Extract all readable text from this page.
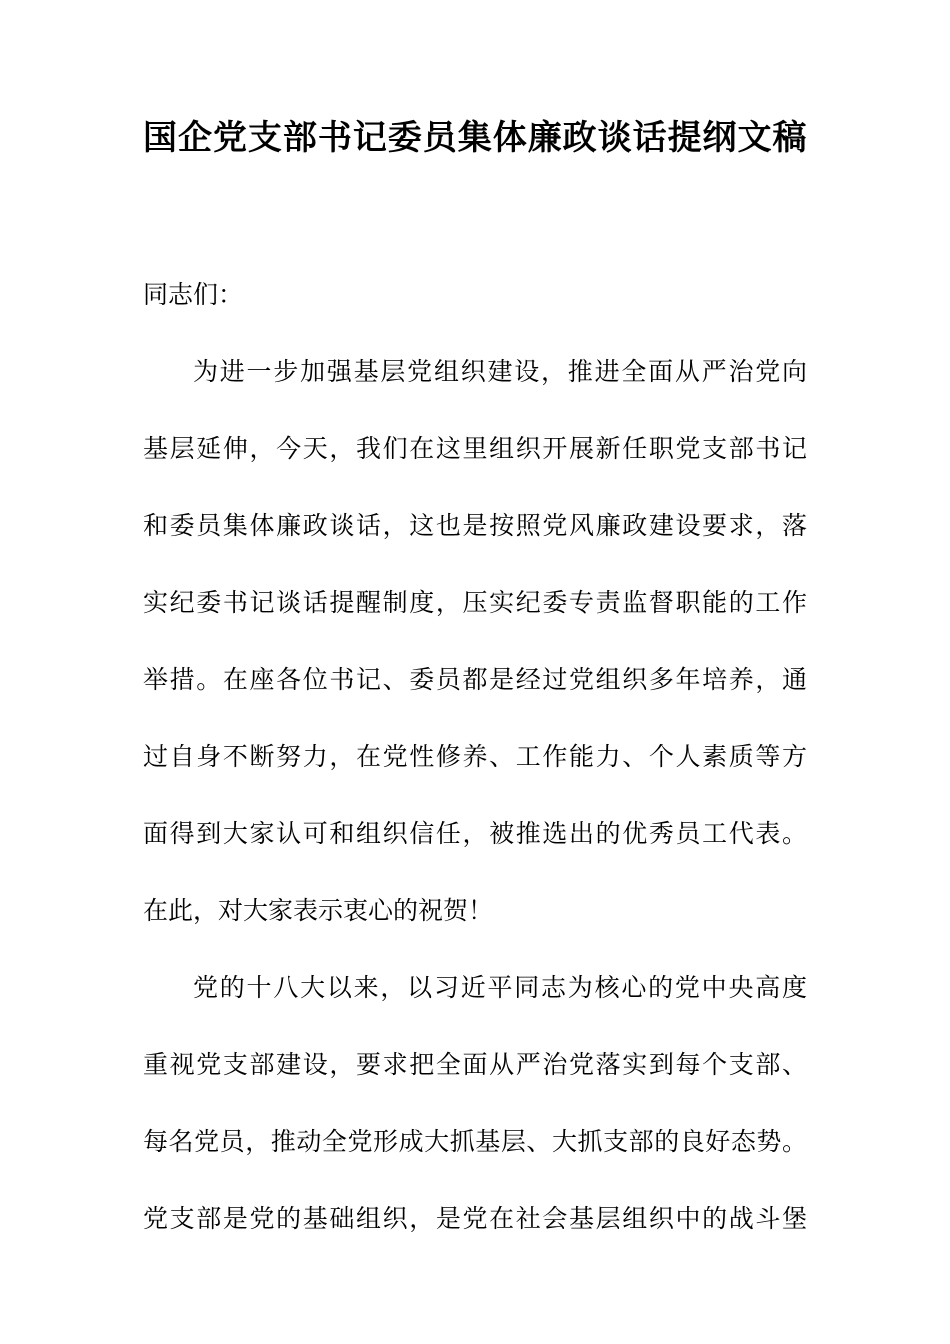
国企党支部书记委员集体廉政谈话提纲文稿
同志们：
为进一步加强基层党组织建设，推进全面从严治党向
基层延伸，今天，我们在这里组织开展新任职党支部书记
和委员集体廉政谈话，这也是按照党风廉政建设要求，落
实纪委书记谈话提醒制度，压实纪委专责监督职能的工作
举措。在座各位书记、委员都是经过党组织多年培养，通
过自身不断努力，在党性修养、工作能力、个人素质等方
面得到大家认可和组织信任，被推选出的优秀员工代表。
在此，对大家表示衷心的祝贺！
党的十八大以来，以习近平同志为核心的党中央高度
重视党支部建设，要求把全面从严治党落实到每个支部、
每名党员，推动全党形成大抓基层、大抓支部的良好态势。
党支部是党的基础组织，是党在社会基层组织中的战斗堡
